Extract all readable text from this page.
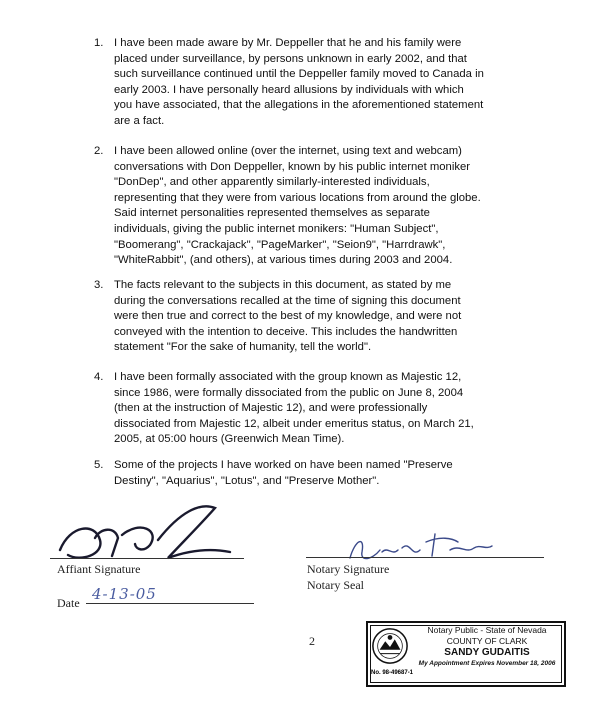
1. I have been made aware by Mr. Deppeller that he and his family were
placed under surveillance, by persons unknown in early 2002, and that
such surveillance continued until the Deppeller family moved to Canada in
early 2003. I have personally heard allusions by individuals with which
you have associated, that the allegations in the aforementioned statement
are a fact.
2. I have been allowed online (over the internet, using text and webcam)
conversations with Don Deppeller, known by his public internet moniker
"DonDep", and other apparently similarly-interested individuals,
representing that they were from various locations from around the globe.
Said internet personalities represented themselves as separate
individuals, giving the public internet monikers: "Human Subject",
"Boomerang", "Crackajack", "PageMarker", "Seion9", "Harrdrawk",
"WhiteRabbit", (and others), at various times during 2003 and 2004.
3. The facts relevant to the subjects in this document, as stated by me
during the conversations recalled at the time of signing this document
were then true and correct to the best of my knowledge, and were not
conveyed with the intention to deceive. This includes the handwritten
statement "For the sake of humanity, tell the world".
4. I have been formally associated with the group known as Majestic 12,
since 1986, were formally dissociated from the public on June 8, 2004
(then at the instruction of Majestic 12), and were professionally
dissociated from Majestic 12, albeit under emeritus status, on March 21,
2005, at 05:00 hours (Greenwich Mean Time).
5. Some of the projects I have worked on have been named "Preserve
Destiny", "Aquarius", "Lotus", and "Preserve Mother".
Affiant Signature
Date 4-13-05
Notary Signature
Notary Seal
2
Notary Public - State of Nevada
COUNTY OF CLARK
SANDY GUDAITIS
My Appointment Expires November 18, 2006
No. 98-49687-1
